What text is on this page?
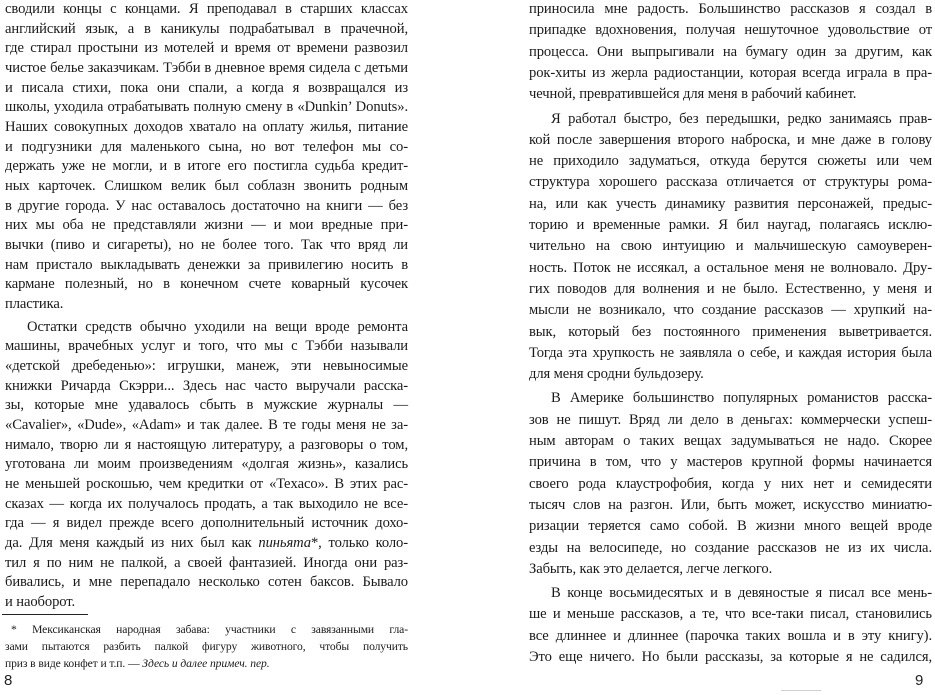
сводили концы с концами. Я преподавал в старших классах
английский язык, а в каникулы подрабатывал в прачечной,
где стирал простыни из мотелей и время от времени развозил
чистое белье заказчикам. Тэбби в дневное время сидела с детьми
и писала стихи, пока они спали, а когда я возвращался из
школы, уходила отрабатывать полную смену в «Dunkin’ Donuts».
Наших совокупных доходов хватало на оплату жилья, питание
и подгузники для маленького сына, но вот телефон мы со-
держать уже не могли, и в итоге его постигла судьба кредит-
ных карточек. Слишком велик был соблазн звонить родным
в другие города. У нас оставалось достаточно на книги — без
них мы оба не представляли жизни — и мои вредные при-
вычки (пиво и сигареты), но не более того. Так что вряд ли
нам пристало выкладывать денежки за привилегию носить в
кармане полезный, но в конечном счете коварный кусочек
пластика.
Остатки средств обычно уходили на вещи вроде ремонта
машины, врачебных услуг и того, что мы с Тэбби называли
«детской дребеденью»: игрушки, манеж, эти невыносимые
книжки Ричарда Скэрри... Здесь нас часто выручали расска-
зы, которые мне удавалось сбыть в мужские журналы —
«Cavalier», «Dude», «Adam» и так далее. В те годы меня не за-
нимало, творю ли я настоящую литературу, а разговоры о том,
уготована ли моим произведениям «долгая жизнь», казались
не меньшей роскошью, чем кредитки от «Texaco». В этих рас-
сказах — когда их получалось продать, а так выходило не все-
гда — я видел прежде всего дополнительный источник дохо-
да. Для меня каждый из них был как пиньята*, только коло-
тил я по ним не палкой, а своей фантазией. Иногда они раз-
бивались, и мне перепадало несколько сотен баксов. Бывало
и наоборот.
* Мексиканская народная забава: участники с завязанными гла-
зами пытаются разбить палкой фигуру животного, чтобы получить
приз в виде конфет и т.п. — Здесь и далее примеч. пер.
8
приносила мне радость. Большинство рассказов я создал в
припадке вдохновения, получая нешуточное удовольствие от
процесса. Они выпрыгивали на бумагу один за другим, как
рок-хиты из жерла радиостанции, которая всегда играла в пра-
чечной, превратившейся для меня в рабочий кабинет.
Я работал быстро, без передышки, редко занимаясь прав-
кой после завершения второго наброска, и мне даже в голову
не приходило задуматься, откуда берутся сюжеты или чем
структура хорошего рассказа отличается от структуры рома-
на, или как учесть динамику развития персонажей, предыс-
торию и временные рамки. Я бил наугад, полагаясь исклю-
чительно на свою интуицию и мальчишескую самоуверен-
ность. Поток не иссякал, а остальное меня не волновало. Дру-
гих поводов для волнения и не было. Естественно, у меня и
мысли не возникало, что создание рассказов — хрупкий на-
вык, который без постоянного применения выветривается.
Тогда эта хрупкость не заявляла о себе, и каждая история была
для меня сродни бульдозеру.
В Америке большинство популярных романистов расска-
зов не пишут. Вряд ли дело в деньгах: коммерчески успеш-
ным авторам о таких вещах задумываться не надо. Скорее
причина в том, что у мастеров крупной формы начинается
своего рода клаустрофобия, когда у них нет и семидесяти
тысяч слов на разгон. Или, быть может, искусство миниатю-
ризации теряется само собой. В жизни много вещей вроде
езды на велосипеде, но создание рассказов не из их числа.
Забыть, как это делается, легче легкого.
В конце восьмидесятых и в девяностые я писал все мень-
ше и меньше рассказов, а те, что все-таки писал, становились
все длиннее и длиннее (парочка таких вошла и в эту книгу).
Это еще ничего. Но были рассказы, за которые я не садился,
9
